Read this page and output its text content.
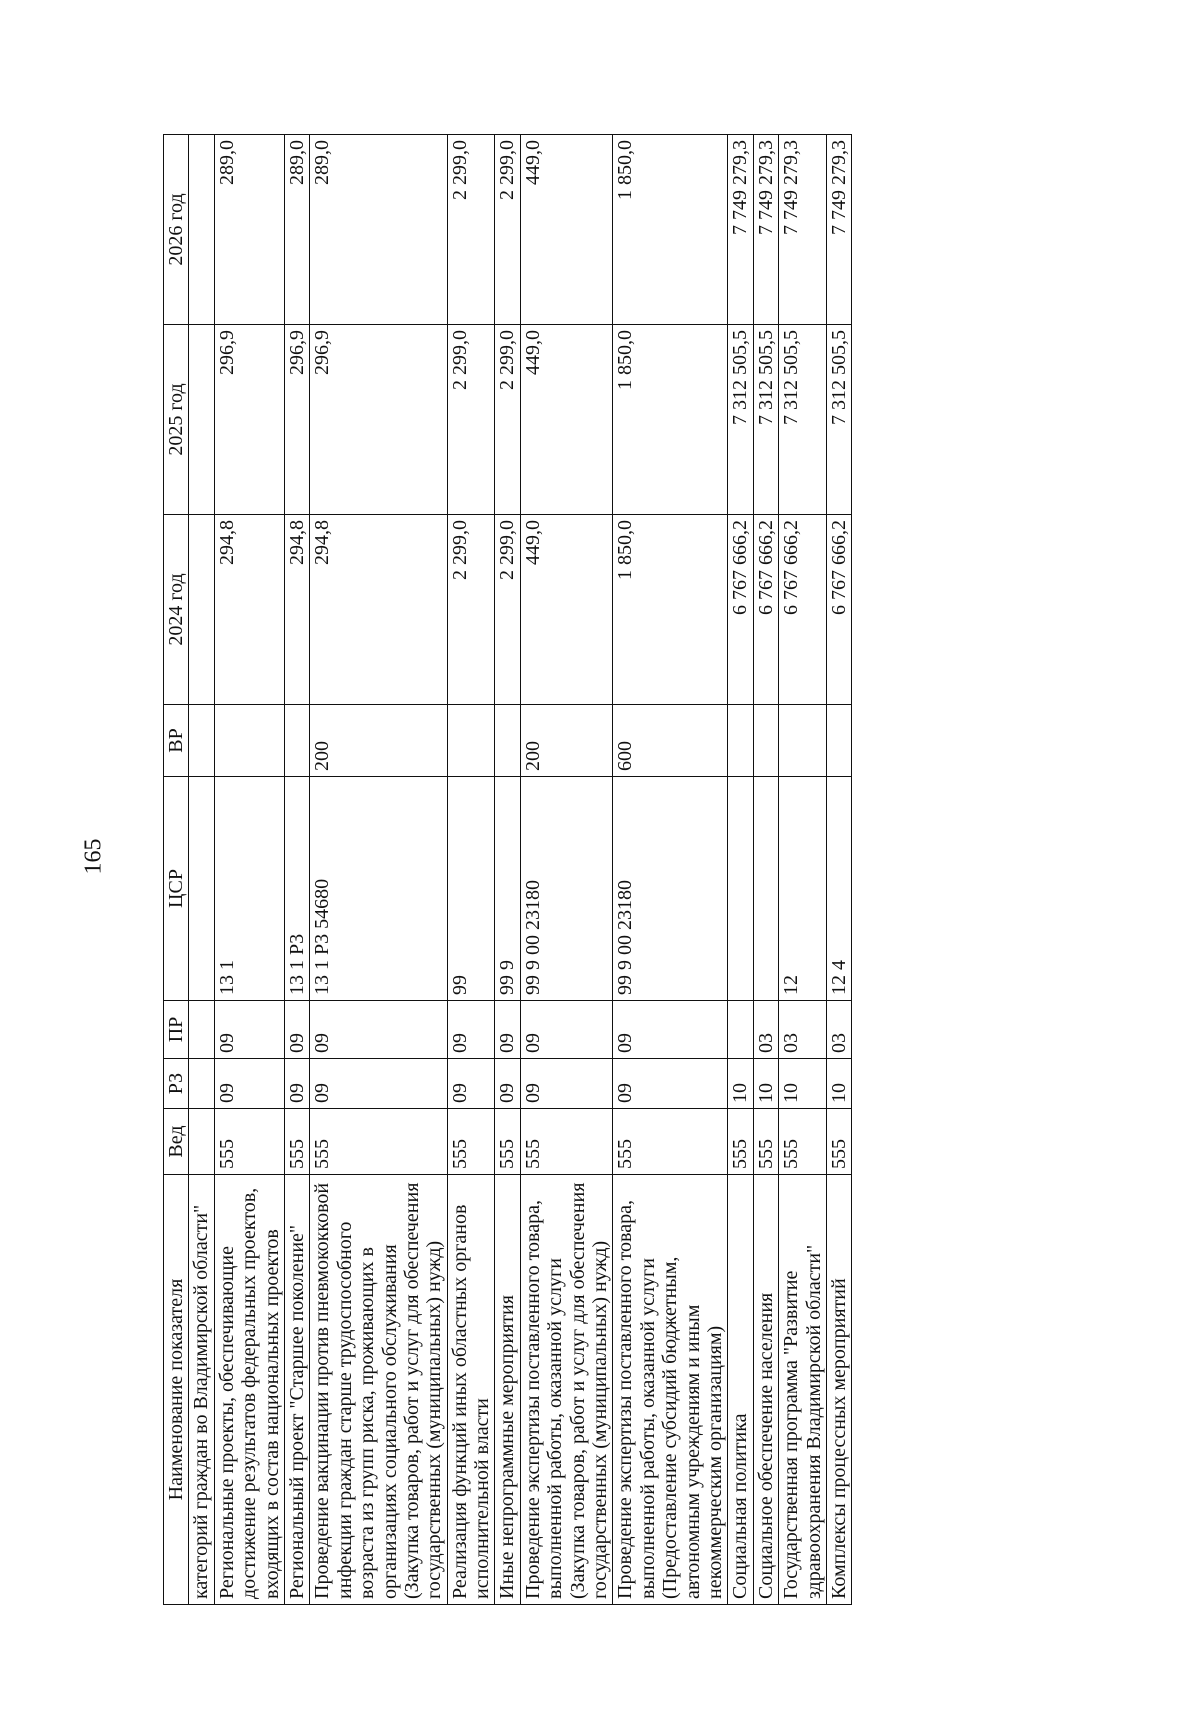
165
Наименование показателя	Вед	РЗ	ПР	ЦСР	ВР	2024 год	2025 год	2026 год
категорий граждан во Владимирской области"								
Региональные проекты, обеспечивающие достижение результатов федеральных проектов, входящих в состав национальных проектов	555	09	09	13 1		294,8	296,9	289,0
Региональный проект "Старшее поколение"	555	09	09	13 1 Р3		294,8	296,9	289,0
Проведение вакцинации против пневмококковой инфекции граждан старше трудоспособного возраста из групп риска, проживающих в организациях социального обслуживания (Закупка товаров, работ и услуг для обеспечения государственных (муниципальных) нужд)	555	09	09	13 1 Р3 54680	200	294,8	296,9	289,0
Реализация функций иных областных органов исполнительной власти	555	09	09	99		2 299,0	2 299,0	2 299,0
Иные непрограммные мероприятия	555	09	09	99 9		2 299,0	2 299,0	2 299,0
Проведение экспертизы поставленного товара, выполненной работы, оказанной услуги (Закупка товаров, работ и услуг для обеспечения государственных (муниципальных) нужд)	555	09	09	99 9 00 23180	200	449,0	449,0	449,0
Проведение экспертизы поставленного товара, выполненной работы, оказанной услуги (Предоставление субсидий бюджетным, автономным учреждениям и иным некоммерческим организациям)	555	09	09	99 9 00 23180	600	1 850,0	1 850,0	1 850,0
Социальная политика	555	10				6 767 666,2	7 312 505,5	7 749 279,3
Социальное обеспечение населения	555	10	03			6 767 666,2	7 312 505,5	7 749 279,3
Государственная программа "Развитие здравоохранения Владимирской области"	555	10	03	12		6 767 666,2	7 312 505,5	7 749 279,3
Комплексы процессных мероприятий	555	10	03	12 4		6 767 666,2	7 312 505,5	7 749 279,3
